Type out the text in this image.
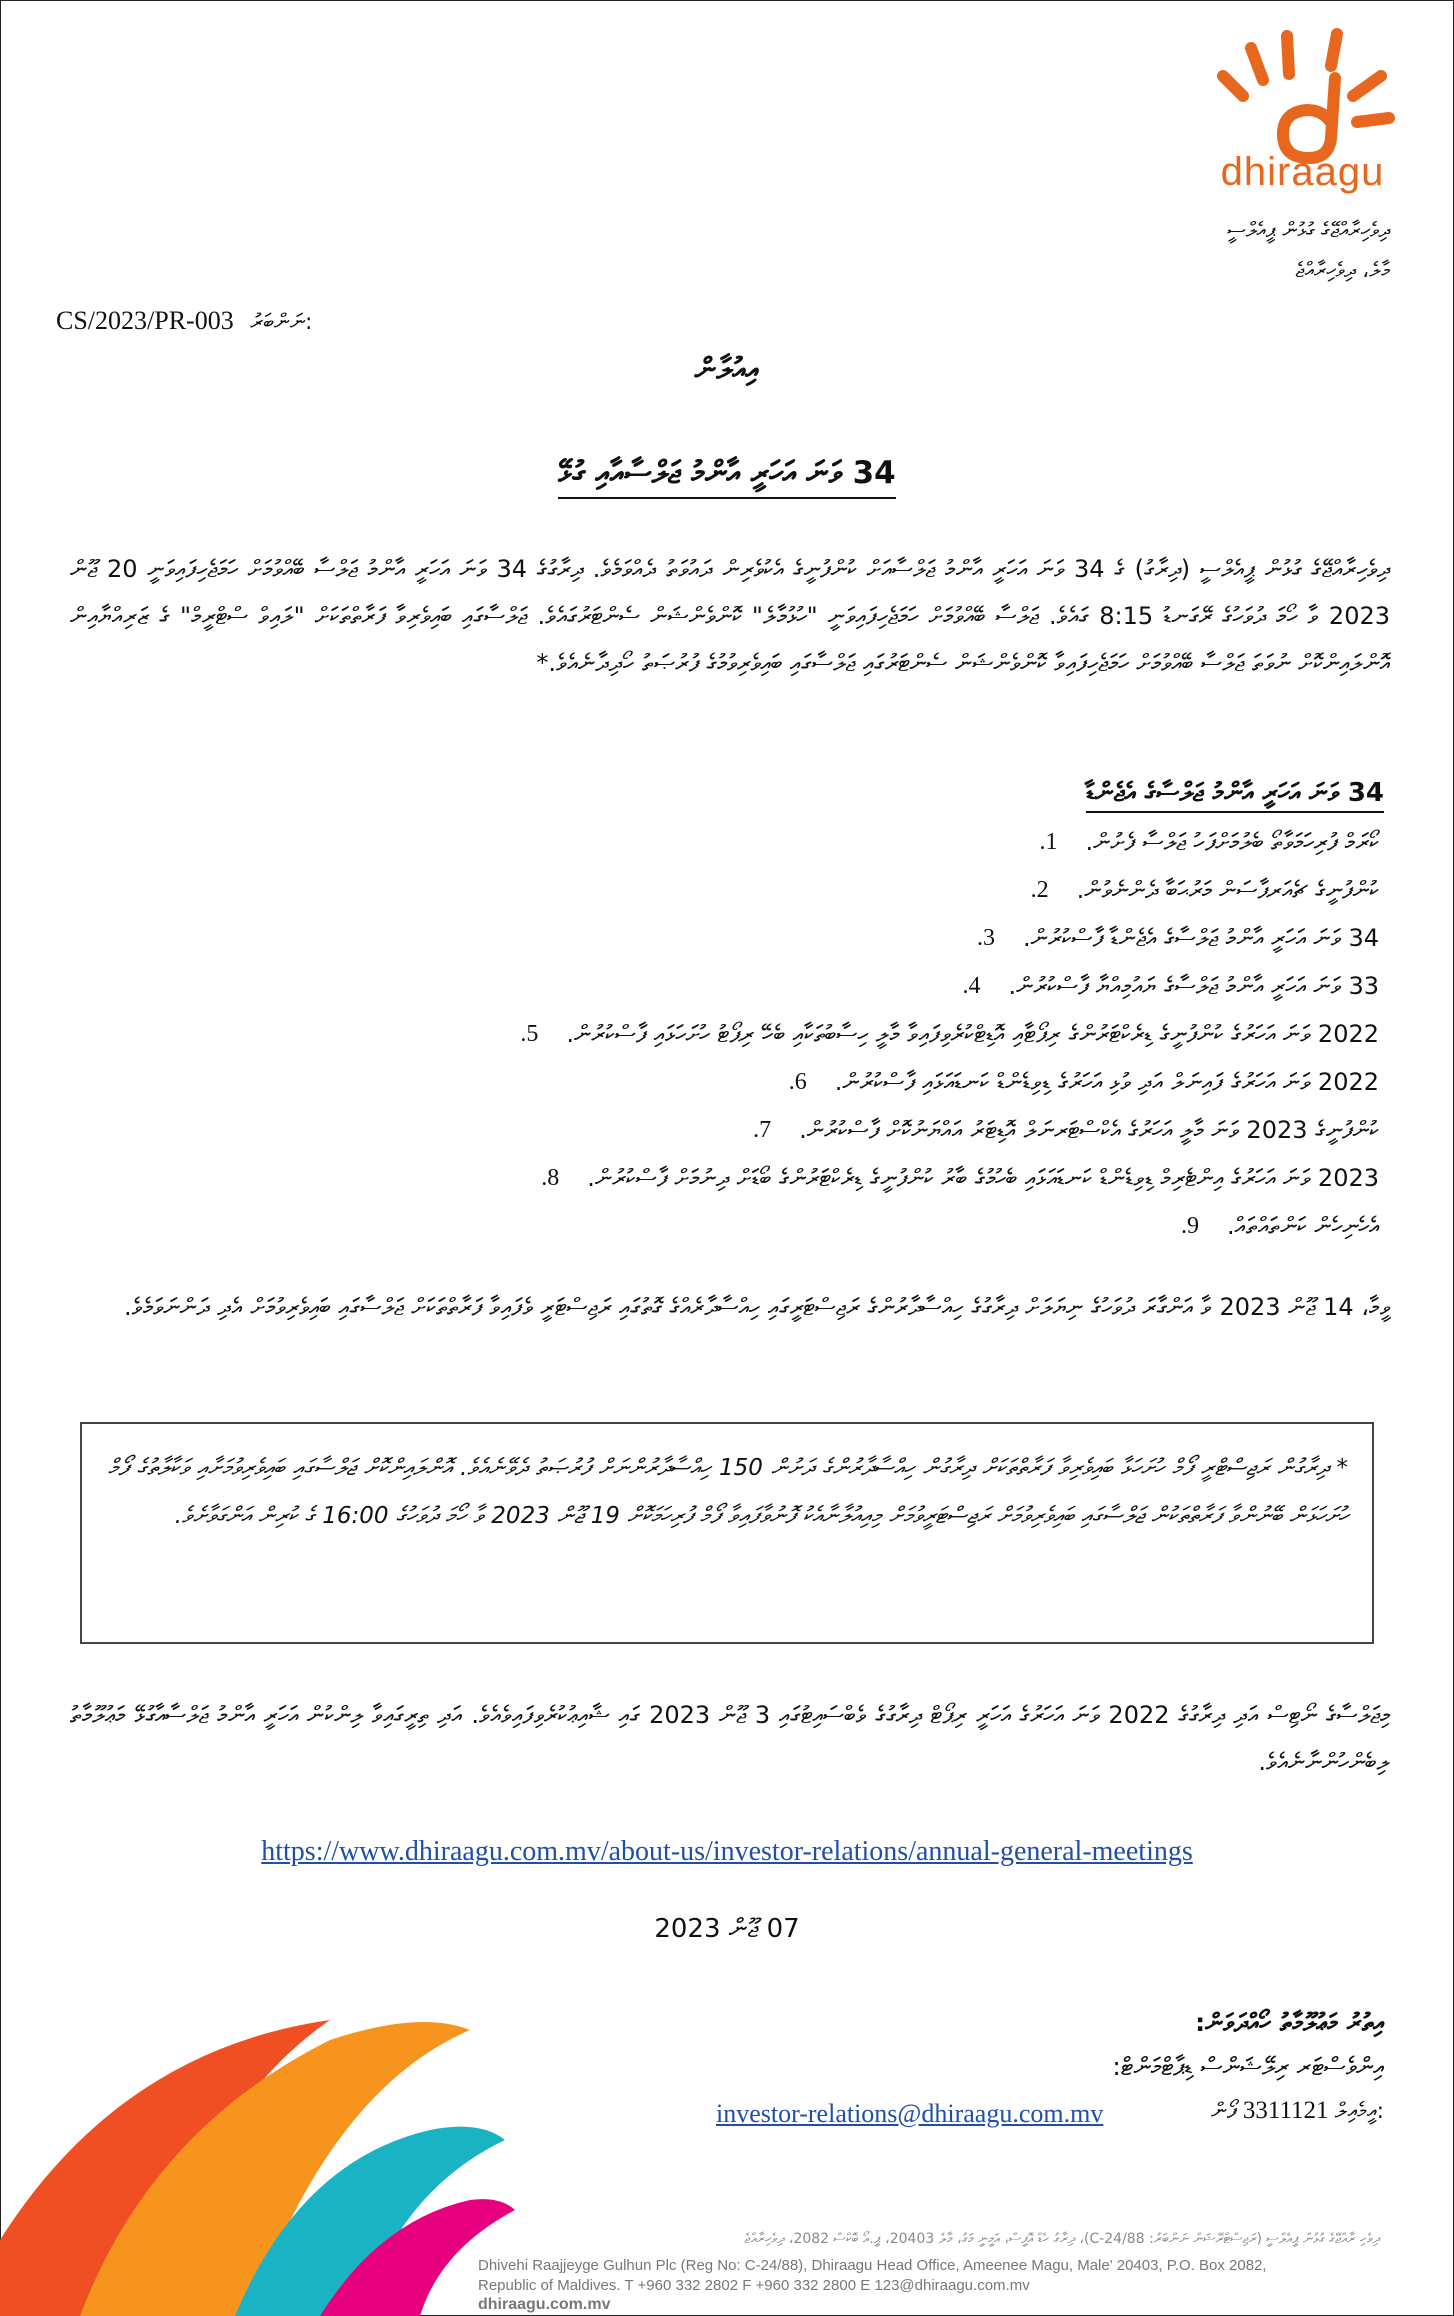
dhiraagu
ދިވެހިރާއްޖޭގެ ގުޅުން ޕީއެލްސީ
މާލެ، ދިވެހިރާއްޖެ
CS/2023/PR-003 ނަންބަރު:
އިއުލާން
34 ވަނަ އަހަރީ އާންމު ޖަލްސާއާއި ގުޅޭ
ދިވެހިރާއްޖޭގެ ގުޅުން ޕީއެލްސީ (ދިރާގު) ގެ 34 ވަނަ އަހަރީ އާންމު ޖަލްސާއަށް ކުންފުނީގެ އެކުވެރިން ދައުވަތު ދެއްވަމެވެ. ދިރާގުގެ 34 ވަނަ އަހަރީ އާންމު ޖަލްސާ ބޭއްވުމަށް ހަމަޖެހިފައިވަނީ 20 ޖޫން 2023 ވާ ހޯމަ ދުވަހުގެ ރޭގަނޑު 8:15 ގައެވެ. ޖަލްސާ ބޭއްވުމަށް ހަމަޖެހިފައިވަނީ "ހުޅުމާލެ" ކޮންވެންޝަން ސެންޓަރުގައެވެ. ޖަލްސާގައި ބައިވެރިވާ ފަރާތްތަކަށް "ލައިވް ސްޓްރީމް" ގެ ޒަރިއްޔާއިން އޮންލައިންކޮށް ނުވަތަ ޖަލްސާ ބޭއްވުމަށް ހަމަޖެހިފައިވާ ކޮންވެންޝަން ސެންޓަރުގައި ޖަލްސާގައި ބައިވެރިވުމުގެ ފުރުޞަތު ހޯދިދާނެއެވެ.*
34 ވަނަ އަހަރީ އާންމު ޖަލްސާގެ އެޖެންޑާ
ކޯރަމް ފުރިހަމަވާތޯ ބެލުމަށްފަހު ޖަލްސާ ފެށުން.
1.
ކުންފުނީގެ ޗެއަރޕާސަން މަރުޙަބާ ދެންނެވުން.
2.
34 ވަނަ އަހަރީ އާންމު ޖަލްސާގެ އެޖެންޑާ ފާސްކުރުން.
3.
33 ވަނަ އަހަރީ އާންމު ޖަލްސާގެ ޔައުމިއްޔާ ފާސްކުރުން.
4.
2022 ވަނަ އަހަރުގެ ކުންފުނީގެ ޑިރެކްޓަރުންގެ ރިޕޯޓާއި އޮޑިޓްކުރެވިފައިވާ މާލީ ހިސާބުތަކާއި ބެހޭ ރިޕޯޓު ހުށަހަޅައި ފާސްކުރުން.
5.
2022 ވަނަ އަހަރުގެ ފައިނަލް އަދި ވުޅި އަހަރުގެ ޑިވިޑެންޑް ކަނޑައަޅައި ފާސްކުރުން.
6.
ކުންފުނީގެ 2023 ވަނަ މާލީ އަހަރުގެ އެކްސްޓަރނަލް އޮޑިޓަރު އައްޔަނުކޮށް ފާސްކުރުން.
7.
2023 ވަނަ އަހަރުގެ އިންޓެރިމް ޑިވިޑެންޑް ކަނޑައަޅައި ބެހުމުގެ ބާރު ކުންފުނީގެ ޑިރެކްޓަރުންގެ ބޯޑަށް ދިނުމަށް ފާސްކުރުން.
8.
އެހެނިހެން ކަންތައްތައް.
9.
ވީމާ، 14 ޖޫން 2023 ވާ އަންގާރަ ދުވަހުގެ ނިޔަލަށް ދިރާގުގެ ހިއްސާދާރުންގެ ރަޖިސްޓަރީގައި ހިއްސާދާރެއްގެ ގޮތުގައި ރަޖިސްޓަރީ ވެފައިވާ ފަރާތްތަކަށް ޖަލްސާގައި ބައިވެރިވުމަށް އެދި ދަންނަވަމެވެ.
* ދިރާގުން ރަޖިސްޓްރީ ފޯމް ހުށަހަޅާ ބައިވެރިވާ ފަރާތްތަކަށް ދިރާގުން ހިއްސާދާރުންގެ ދަށުން 150 ހިއްސާދާރުންނަށް ފުރުޞަތު ދެވޭނެއެވެ. އޮންލައިންކޮށް ޖަލްސާގައި ބައިވެރިވުމަށާއި ވަކާލާތުގެ ފޯމް ހުށަހަޅަން ބޭނުންވާ ފަރާތްތަކުން ޖަލްސާގައި ބައިވެރިވުމަށް ރަޖިސްޓަރީވުމަށް މިއިއުލާނާއެކު ފޮނުވާފައިވާ ފޯމް ފުރިހަމަކޮށް 19 ޖޫން 2023 ވާ ހޯމަ ދުވަހުގެ 16:00 ގެ ކުރިން އަންގަވާށެވެ.
މިޖަލްސާގެ ނޯޓިސް އަދި ދިރާގުގެ 2022 ވަނަ އަހަރުގެ އަހަރީ ރިޕޯޓް ދިރާގުގެ ވެބްސައިޓުގައި 3 ޖޫން 2023 ގައި ޝާއިޢުކުރެވިފައިވެއެވެ. އަދި ތިރީގައިވާ ލިންކުން އަހަރީ އާންމު ޖަލްސާއާގުޅޭ މަޢުލޫމާތު ލިބެންހުންނާނެއެވެ.
https://www.dhiraagu.com.mv/about-us/investor-relations/annual-general-meetings
07 ޖޫން 2023
އިތުރު މަޢުލޫމާތު ހޯއްދަވަން:
އިންވެސްޓަރ ރިލޭޝަންސް ޑިޕާޓްމަންޓް:
އީމެއިލް 3311121 ފޯން:
investor-relations@dhiraagu.com.mv
ދިވެހި ރާއްޖޭގެ ގުޅުން ޕީއެލްސީ (ރަޖިސްޓްރޭޝަން ނަންބަރު: C-24/88)، ދިރާގު ހެޑް އޮފީސް، އަމީނީ މަގު، މާލެ 20403، ޕީ.އޯ ބޮކްސް 2082، ދިވެހިރާއްޖެ
Dhivehi Raajjeyge Gulhun Plc (Reg No: C-24/88), Dhiraagu Head Office, Ameenee Magu, Male' 20403, P.O. Box 2082,
Republic of Maldives. T +960 332 2802 F +960 332 2800 E 123@dhiraagu.com.mv
dhiraagu.com.mv
